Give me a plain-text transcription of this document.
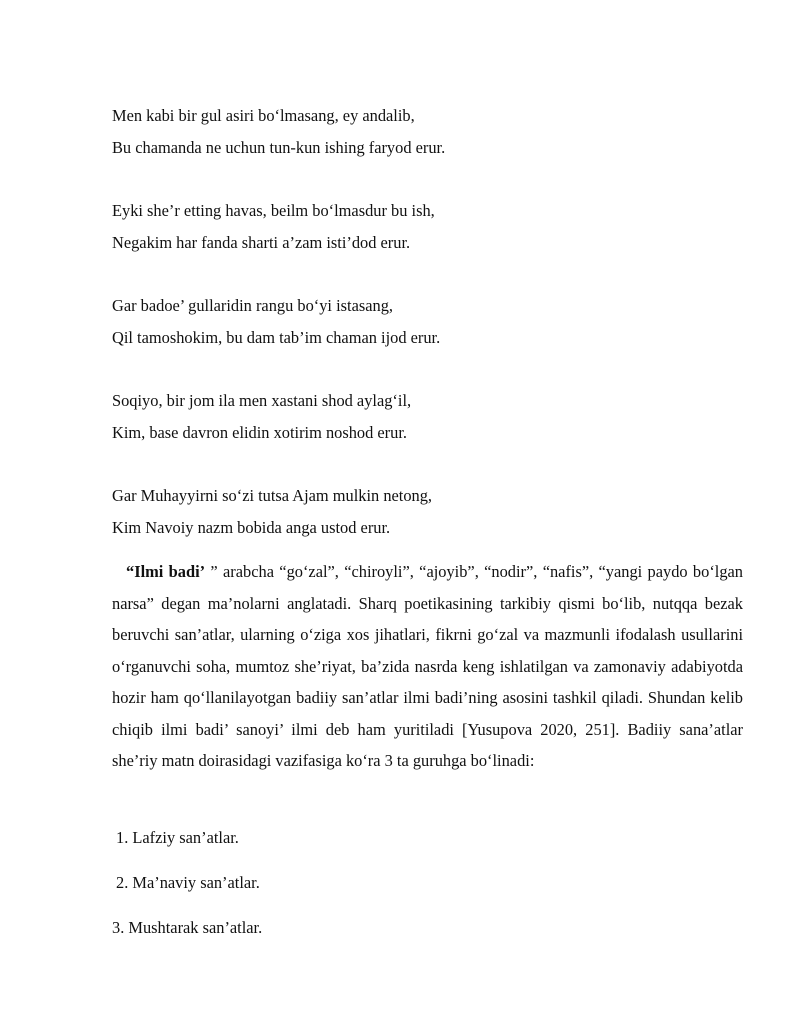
Men kabi bir gul asiri bo‘lmasang, ey andalib,
Bu chamanda ne uchun tun-kun ishing faryod erur.
Eyki she’r etting havas, beilm bo‘lmasdur bu ish,
Negakim har fanda sharti a’zam isti’dod erur.
Gar badoe’ gullaridin rangu bo‘yi istasang,
Qil tamoshokim, bu dam tab’im chaman ijod erur.
Soqiyo, bir jom ila men xastani shod aylag‘il,
Kim, base davron elidin xotirim noshod erur.
Gar Muhayyirni so‘zi tutsa Ajam mulkin netong,
Kim Navoiy nazm bobida anga ustod erur.

“Ilmi badi’ ” arabcha “go‘zal”, “chiroyli”, “ajoyib”, “nodir”, “nafis”, “yangi paydo bo‘lgan narsa” degan ma’nolarni anglatadi. Sharq poetikasining tarkibiy qismi bo‘lib, nutqqa bezak beruvchi san’atlar, ularning o‘ziga xos jihatlari, fikrni go‘zal va mazmunli ifodalash usullarini o‘rganuvchi soha, mumtoz she’riyat, ba’zida nasrda keng ishlatilgan va zamonaviy adabiyotda hozir ham qo‘llanilayotgan badiiy san’atlar ilmi badi’ning asosini tashkil qiladi. Shundan kelib chiqib ilmi badi’ sanoyi’ ilmi deb ham yuritiladi [Yusupova 2020, 251]. Badiiy sana’atlar she’riy matn doirasidagi vazifasiga ko‘ra 3 ta guruhga bo‘linadi:

1. Lafziy san’atlar.
2. Ma’naviy san’atlar.
3. Mushtarak san’atlar.
